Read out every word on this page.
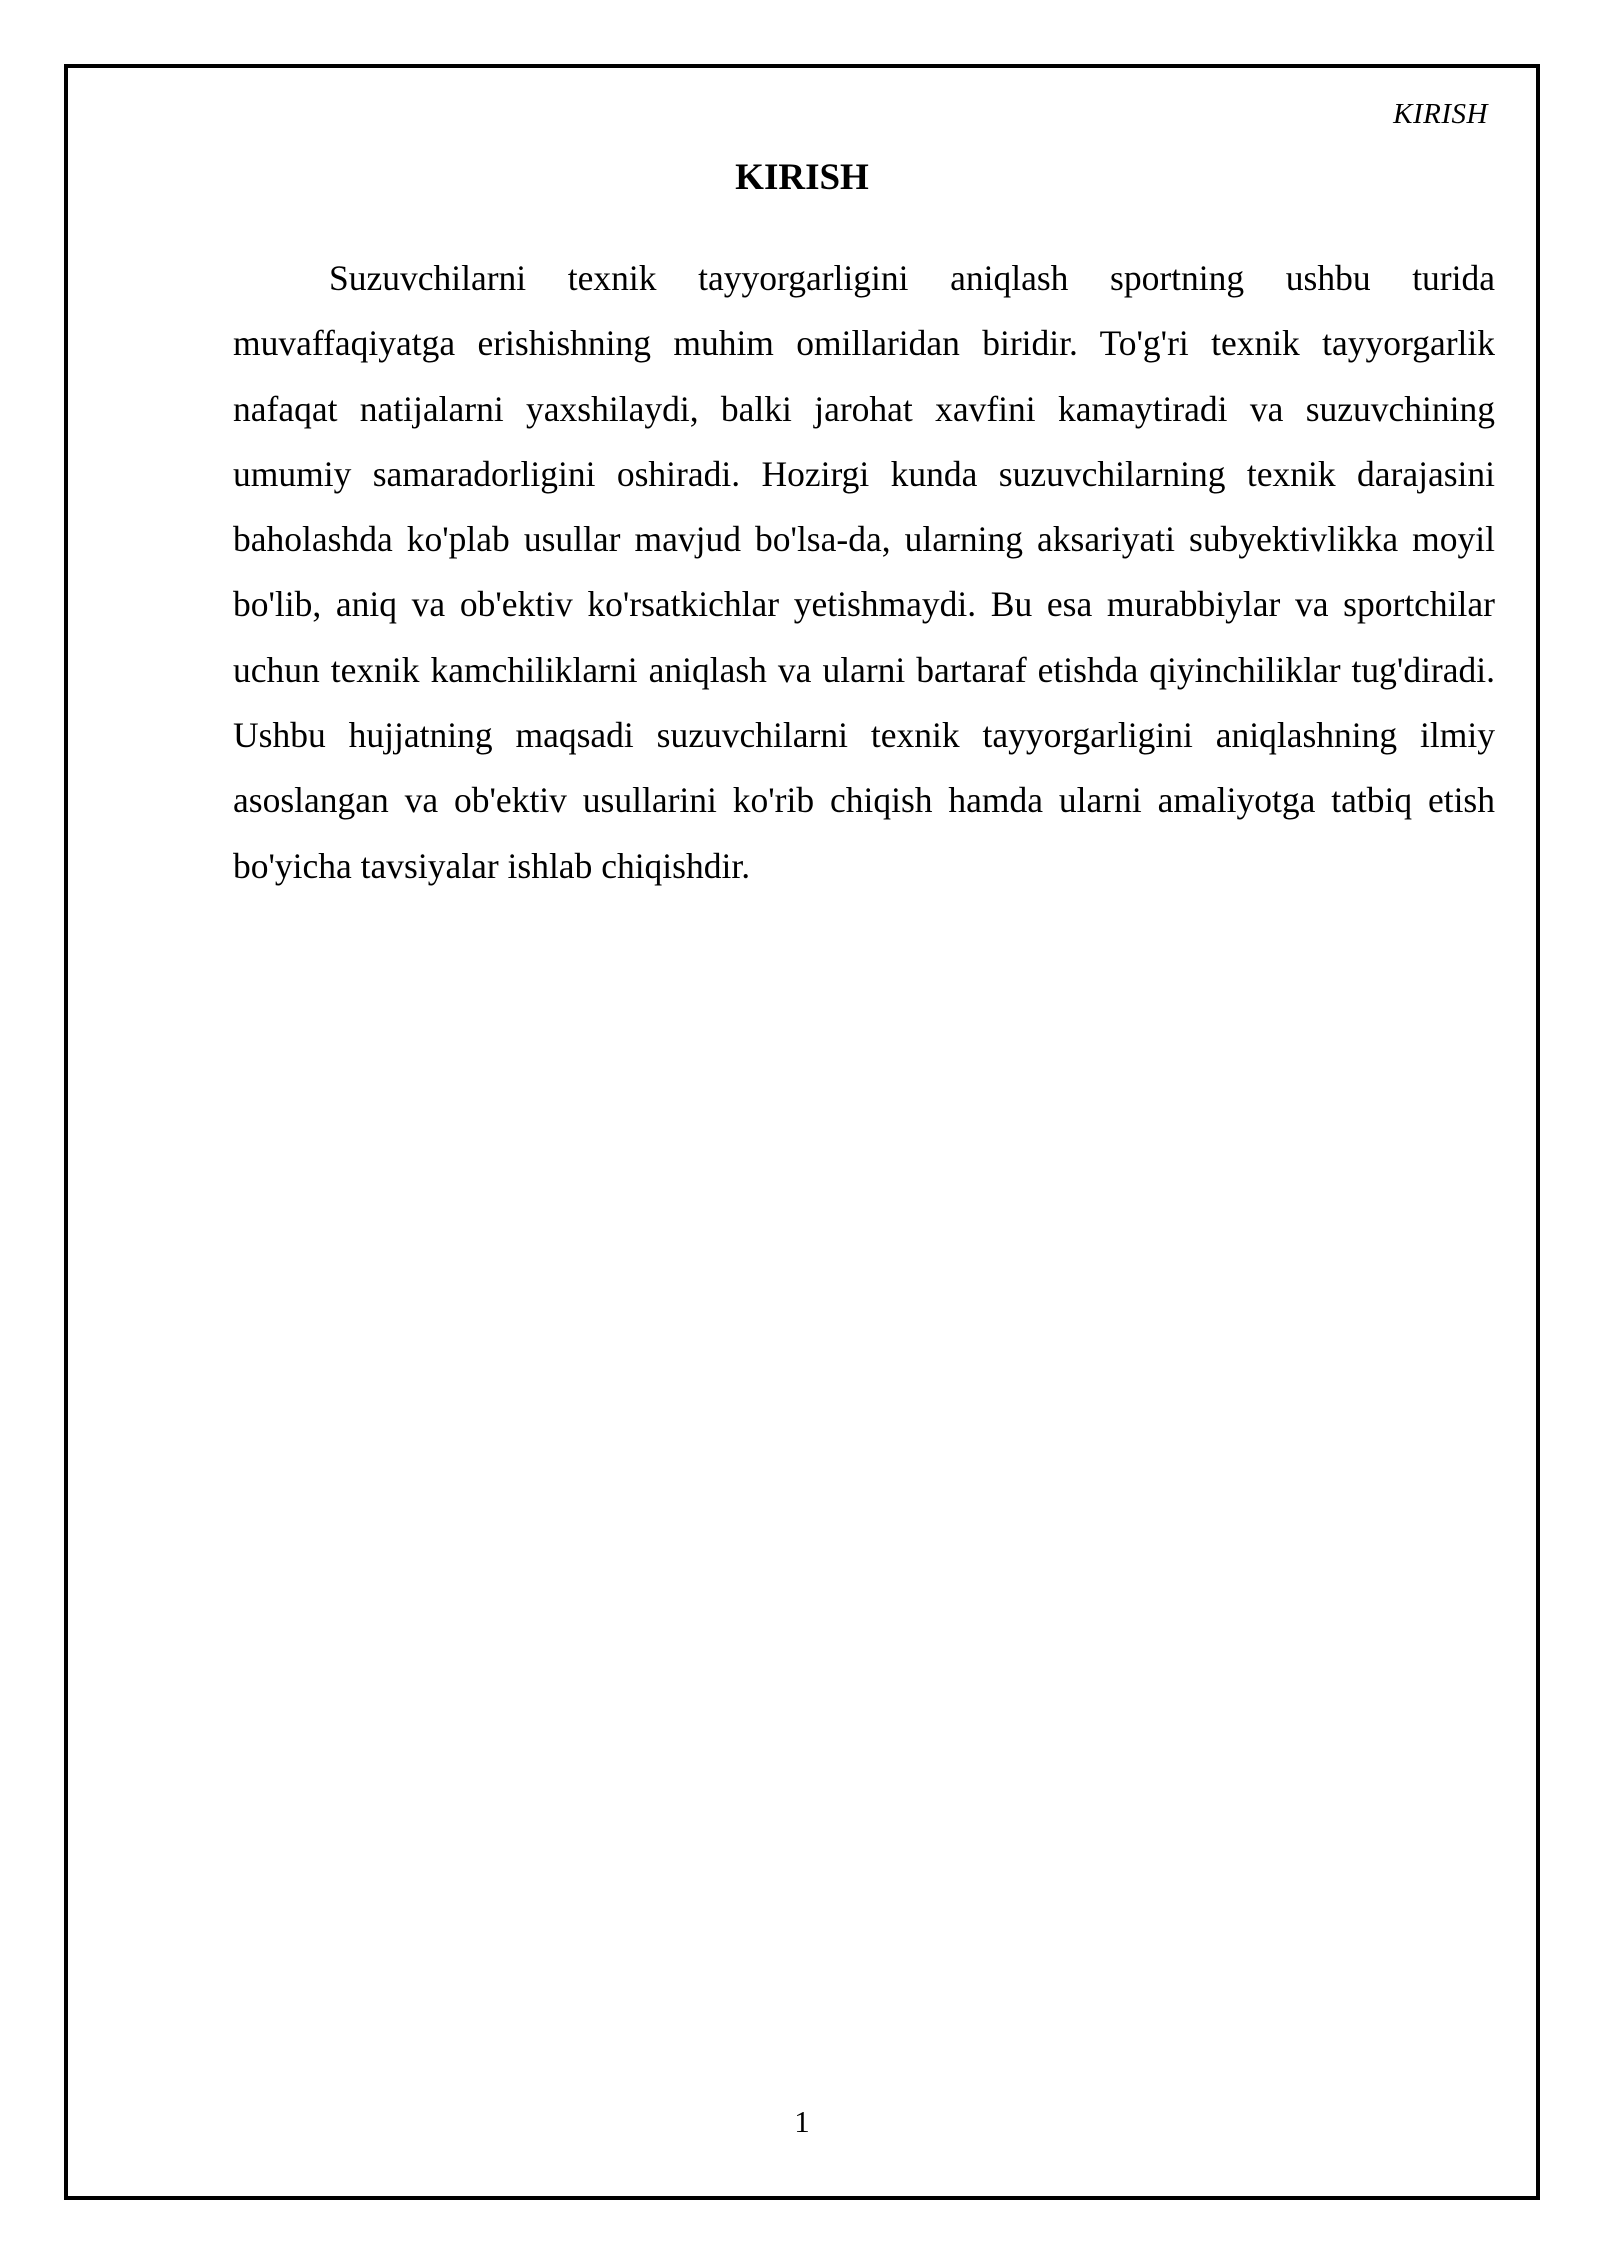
KIRISH
KIRISH

Suzuvchilarni texnik tayyorgarligini aniqlash sportning ushbu turida muvaffaqiyatga erishishning muhim omillaridan biridir. To'g'ri texnik tayyorgarlik nafaqat natijalarni yaxshilaydi, balki jarohat xavfini kamaytiradi va suzuvchining umumiy samaradorligini oshiradi. Hozirgi kunda suzuvchilarning texnik darajasini baholashda ko'plab usullar mavjud bo'lsa-da, ularning aksariyati subyektivlikka moyil bo'lib, aniq va ob'ektiv ko'rsatkichlar yetishmaydi. Bu esa murabbiylar va sportchilar uchun texnik kamchiliklarni aniqlash va ularni bartaraf etishda qiyinchiliklar tug'diradi. Ushbu hujjatning maqsadi suzuvchilarni texnik tayyorgarligini aniqlashning ilmiy asoslangan va ob'ektiv usullarini ko'rib chiqish hamda ularni amaliyotga tatbiq etish bo'yicha tavsiyalar ishlab chiqishdir.

1
